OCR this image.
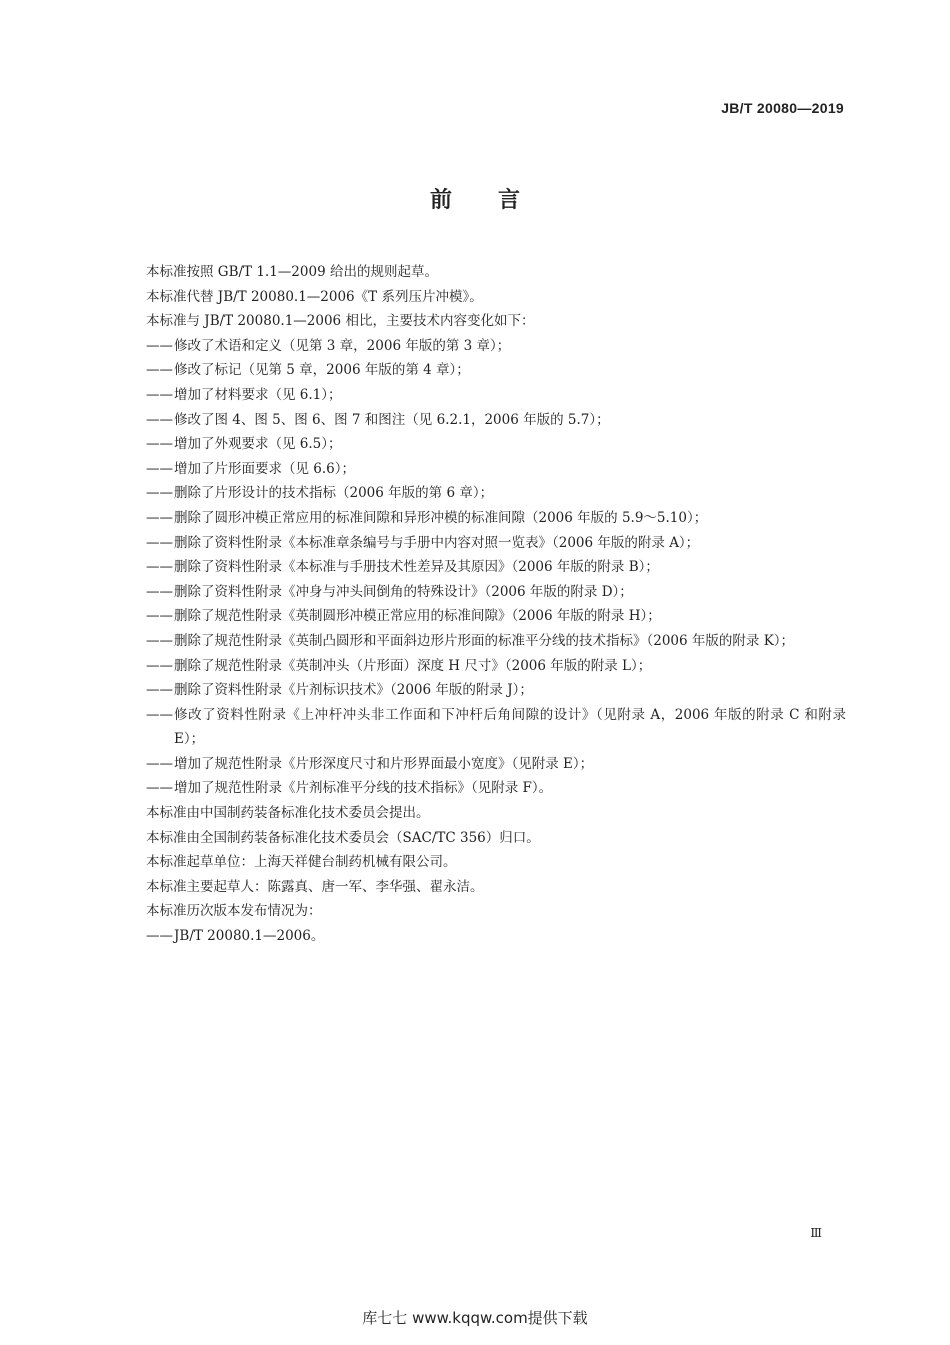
JB/T 20080—2019
前言
本标准按照 GB/T 1.1—2009 给出的规则起草。
本标准代替 JB/T 20080.1—2006《T 系列压片冲模》。
本标准与 JB/T 20080.1—2006 相比，主要技术内容变化如下：
—— 修改了术语和定义（见第 3 章，2006 年版的第 3 章）；
—— 修改了标记（见第 5 章，2006 年版的第 4 章）；
—— 增加了材料要求（见 6.1）；
—— 修改了图 4、图 5、图 6、图 7 和图注（见 6.2.1，2006 年版的 5.7）；
—— 增加了外观要求（见 6.5）；
—— 增加了片形面要求（见 6.6）；
—— 删除了片形设计的技术指标（2006 年版的第 6 章）；
—— 删除了圆形冲模正常应用的标准间隙和异形冲模的标准间隙（2006 年版的 5.9～5.10）；
—— 删除了资料性附录《本标准章条编号与手册中内容对照一览表》（2006 年版的附录 A）；
—— 删除了资料性附录《本标准与手册技术性差异及其原因》（2006 年版的附录 B）；
—— 删除了资料性附录《冲身与冲头间倒角的特殊设计》（2006 年版的附录 D）；
—— 删除了规范性附录《英制圆形冲模正常应用的标准间隙》（2006 年版的附录 H）；
—— 删除了规范性附录《英制凸圆形和平面斜边形片形面的标准平分线的技术指标》（2006 年版的附录 K）；
—— 删除了规范性附录《英制冲头（片形面）深度 H 尺寸》（2006 年版的附录 L）；
—— 删除了资料性附录《片剂标识技术》（2006 年版的附录 J）；
—— 修改了资料性附录《上冲杆冲头非工作面和下冲杆后角间隙的设计》（见附录 A，2006 年版的附录 C 和附录 E）；
—— 增加了规范性附录《片形深度尺寸和片形界面最小宽度》（见附录 E）；
—— 增加了规范性附录《片剂标准平分线的技术指标》（见附录 F）。
本标准由中国制药装备标准化技术委员会提出。
本标准由全国制药装备标准化技术委员会（SAC/TC 356）归口。
本标准起草单位：上海天祥健台制药机械有限公司。
本标准主要起草人：陈露真、唐一军、李华强、翟永洁。
本标准历次版本发布情况为：
—— JB/T 20080.1—2006。
Ⅲ
库七七 www.kqqw.com提供下载
